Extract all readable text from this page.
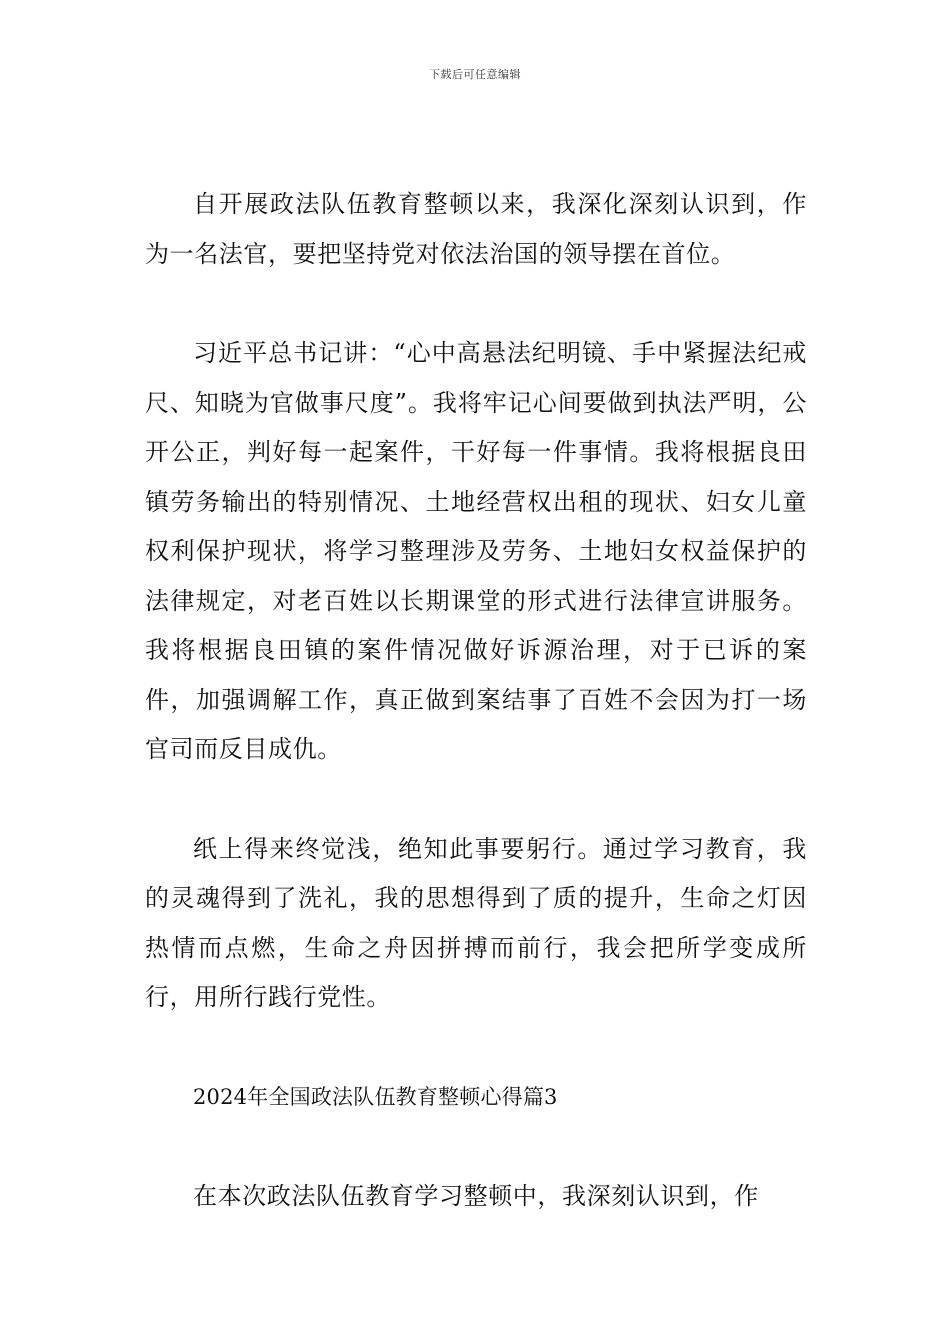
下载后可任意编辑

自开展政法队伍教育整顿以来，我深化深刻认识到，作为一名法官，要把坚持党对依法治国的领导摆在首位。

习近平总书记讲：“心中高悬法纪明镜、手中紧握法纪戒尺、知晓为官做事尺度”。我将牢记心间要做到执法严明，公开公正，判好每一起案件，干好每一件事情。我将根据良田镇劳务输出的特别情况、土地经营权出租的现状、妇女儿童权利保护现状，将学习整理涉及劳务、土地妇女权益保护的法律规定，对老百姓以长期课堂的形式进行法律宣讲服务。我将根据良田镇的案件情况做好诉源治理，对于已诉的案件，加强调解工作，真正做到案结事了百姓不会因为打一场官司而反目成仇。

纸上得来终觉浅，绝知此事要躬行。通过学习教育，我的灵魂得到了洗礼，我的思想得到了质的提升，生命之灯因热情而点燃，生命之舟因拼搏而前行，我会把所学变成所行，用所行践行党性。

2024年全国政法队伍教育整顿心得篇3

在本次政法队伍教育学习整顿中，我深刻认识到，作
